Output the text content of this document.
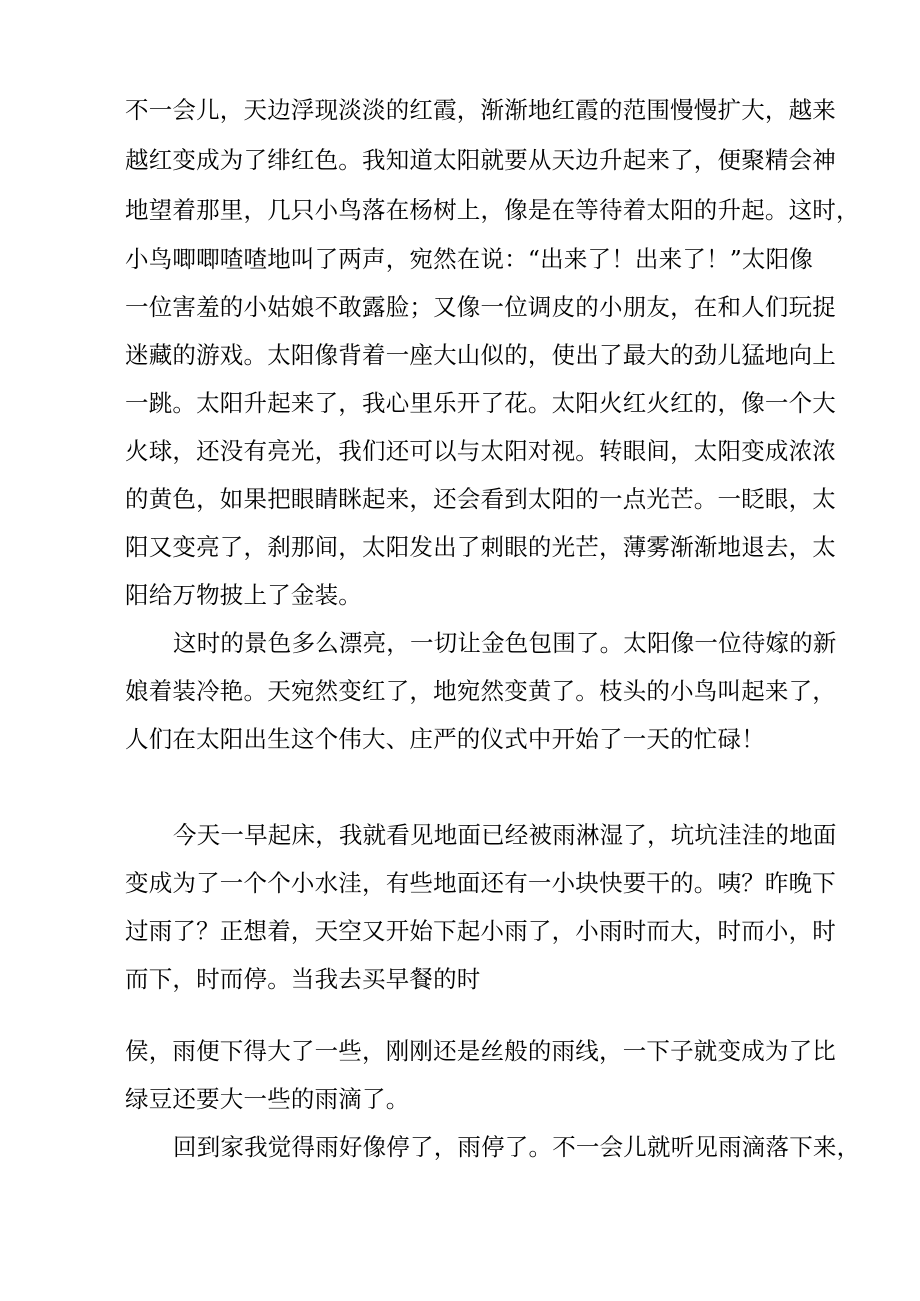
不一会儿，天边浮现淡淡的红霞，渐渐地红霞的范围慢慢扩大，越来
越红变成为了绯红色。我知道太阳就要从天边升起来了，便聚精会神
地望着那里，几只小鸟落在杨树上，像是在等待着太阳的升起。这时，
小鸟唧唧喳喳地叫了两声，宛然在说：“出来了！出来了！”太阳像
一位害羞的小姑娘不敢露脸；又像一位调皮的小朋友，在和人们玩捉
迷藏的游戏。太阳像背着一座大山似的，使出了最大的劲儿猛地向上
一跳。太阳升起来了，我心里乐开了花。太阳火红火红的，像一个大
火球，还没有亮光，我们还可以与太阳对视。转眼间，太阳变成浓浓
的黄色，如果把眼睛眯起来，还会看到太阳的一点光芒。一眨眼，太
阳又变亮了，刹那间，太阳发出了刺眼的光芒，薄雾渐渐地退去，太
阳给万物披上了金装。
这时的景色多么漂亮，一切让金色包围了。太阳像一位待嫁的新
娘着装冷艳。天宛然变红了，地宛然变黄了。枝头的小鸟叫起来了，
人们在太阳出生这个伟大、庄严的仪式中开始了一天的忙碌！
今天一早起床，我就看见地面已经被雨淋湿了，坑坑洼洼的地面
变成为了一个个小水洼，有些地面还有一小块快要干的。咦？昨晚下
过雨了？正想着，天空又开始下起小雨了，小雨时而大，时而小，时
而下，时而停。当我去买早餐的时
侯，雨便下得大了一些，刚刚还是丝般的雨线，一下子就变成为了比
绿豆还要大一些的雨滴了。
回到家我觉得雨好像停了，雨停了。不一会儿就听见雨滴落下来，
